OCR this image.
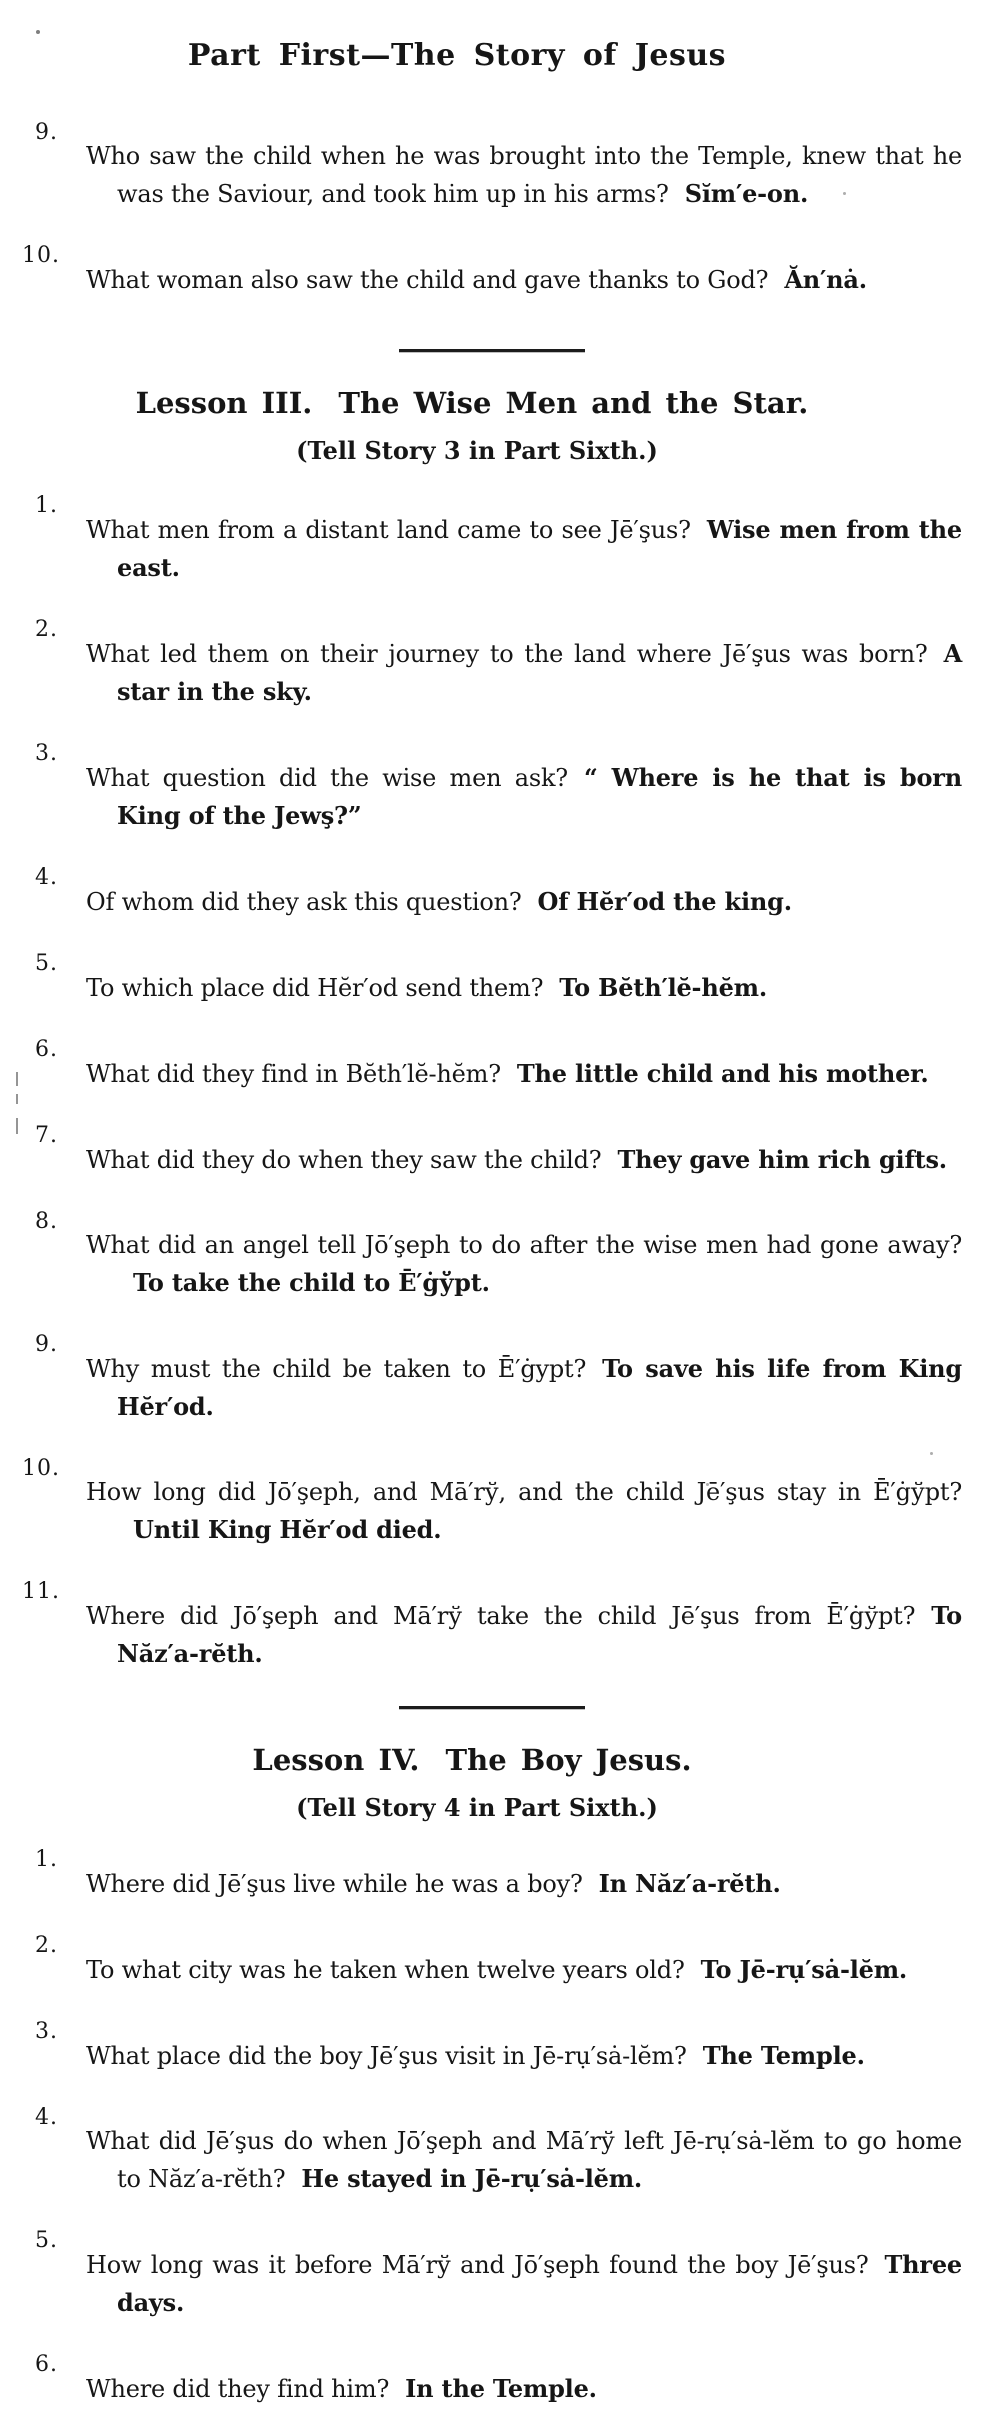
Part First—The Story of Jesus
9.

Who saw the child when he was brought into the Temple, knew that he was the Saviour, and took him up in his arms? Sĭm′e-on.

10.

What woman also saw the child and gave thanks to God? Ăn′nȧ.

Lesson III. The Wise Men and the Star.

(Tell Story 3 in Part Sixth.)

1.

What men from a distant land came to see Jē′şus? Wise men from the east.

2.

What led them on their journey to the land where Jē′şus was born? A star in the sky.

3.

What question did the wise men ask? “ Where is he that is born King of the Jewş?”

4.

Of whom did they ask this question? Of Hĕr′od the king.

5.

To which place did Hĕr′od send them? To Bĕth′lĕ-hĕm.

6.

What did they find in Bĕth′lĕ-hĕm? The little child and his mother.

7.

What did they do when they saw the child? They gave him rich gifts.

8.

What did an angel tell Jō′şeph to do after the wise men had gone away?To take the child to Ē′ġўpt.

9.

Why must the child be taken to Ē′ġypt? To save his life from King Hĕr′od.

10.

How long did Jō′şeph, and Mā′rў, and the child Jē′şus stay in Ē′ġўpt?Until King Hĕr′od died.

11.

Where did Jō′şeph and Mā′rў take the child Jē′şus from Ē′ġўpt? To Năz′a-rĕth.

Lesson IV. The Boy Jesus.

(Tell Story 4 in Part Sixth.)

1.

Where did Jē′şus live while he was a boy? In Năz′a-rĕth.

2.

To what city was he taken when twelve years old? To Jē-rụ′sȧ-lĕm.

3.

What place did the boy Jē′şus visit in Jē-rụ′sȧ-lĕm? The Temple.

4.

What did Jē′şus do when Jō′şeph and Mā′rў left Jē-rụ′sȧ-lĕm to go home to Năz′a-rĕth? He stayed in Jē-rụ′sȧ-lĕm.

5.

How long was it before Mā′rў and Jō′şeph found the boy Jē′şus? Three days.

6.

Where did they find him? In the Temple.
